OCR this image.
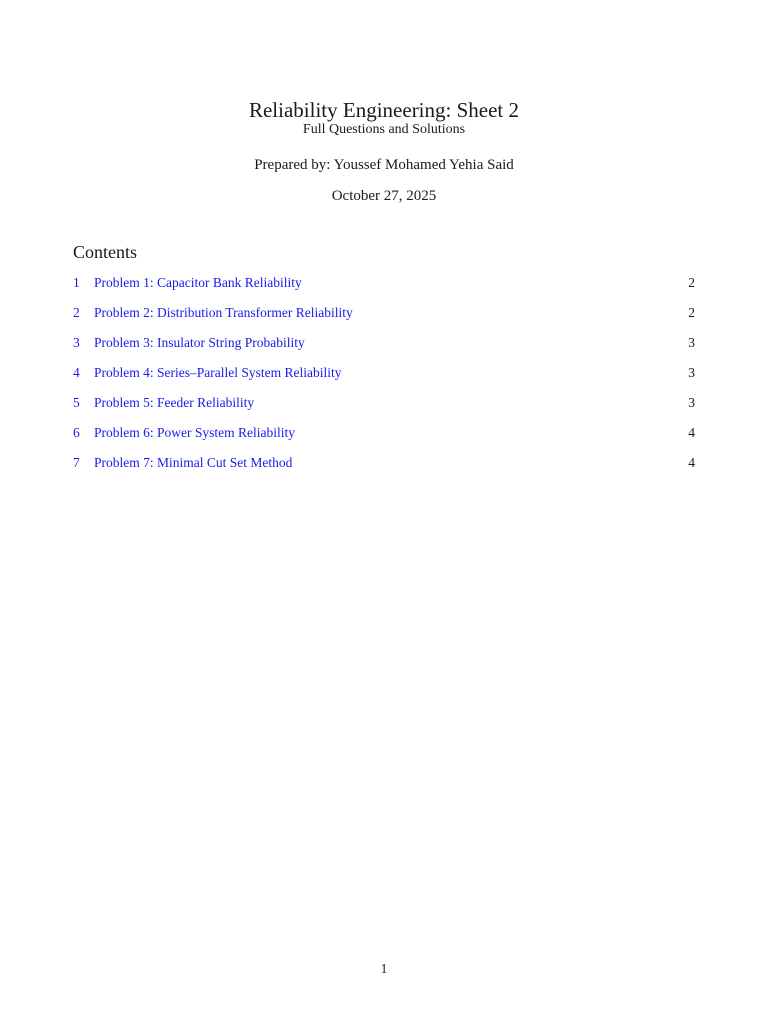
Reliability Engineering: Sheet 2
Full Questions and Solutions
Prepared by: Youssef Mohamed Yehia Said
October 27, 2025
Contents
1 Problem 1: Capacitor Bank Reliability	2
2 Problem 2: Distribution Transformer Reliability	2
3 Problem 3: Insulator String Probability	3
4 Problem 4: Series–Parallel System Reliability	3
5 Problem 5: Feeder Reliability	3
6 Problem 6: Power System Reliability	4
7 Problem 7: Minimal Cut Set Method	4
1
